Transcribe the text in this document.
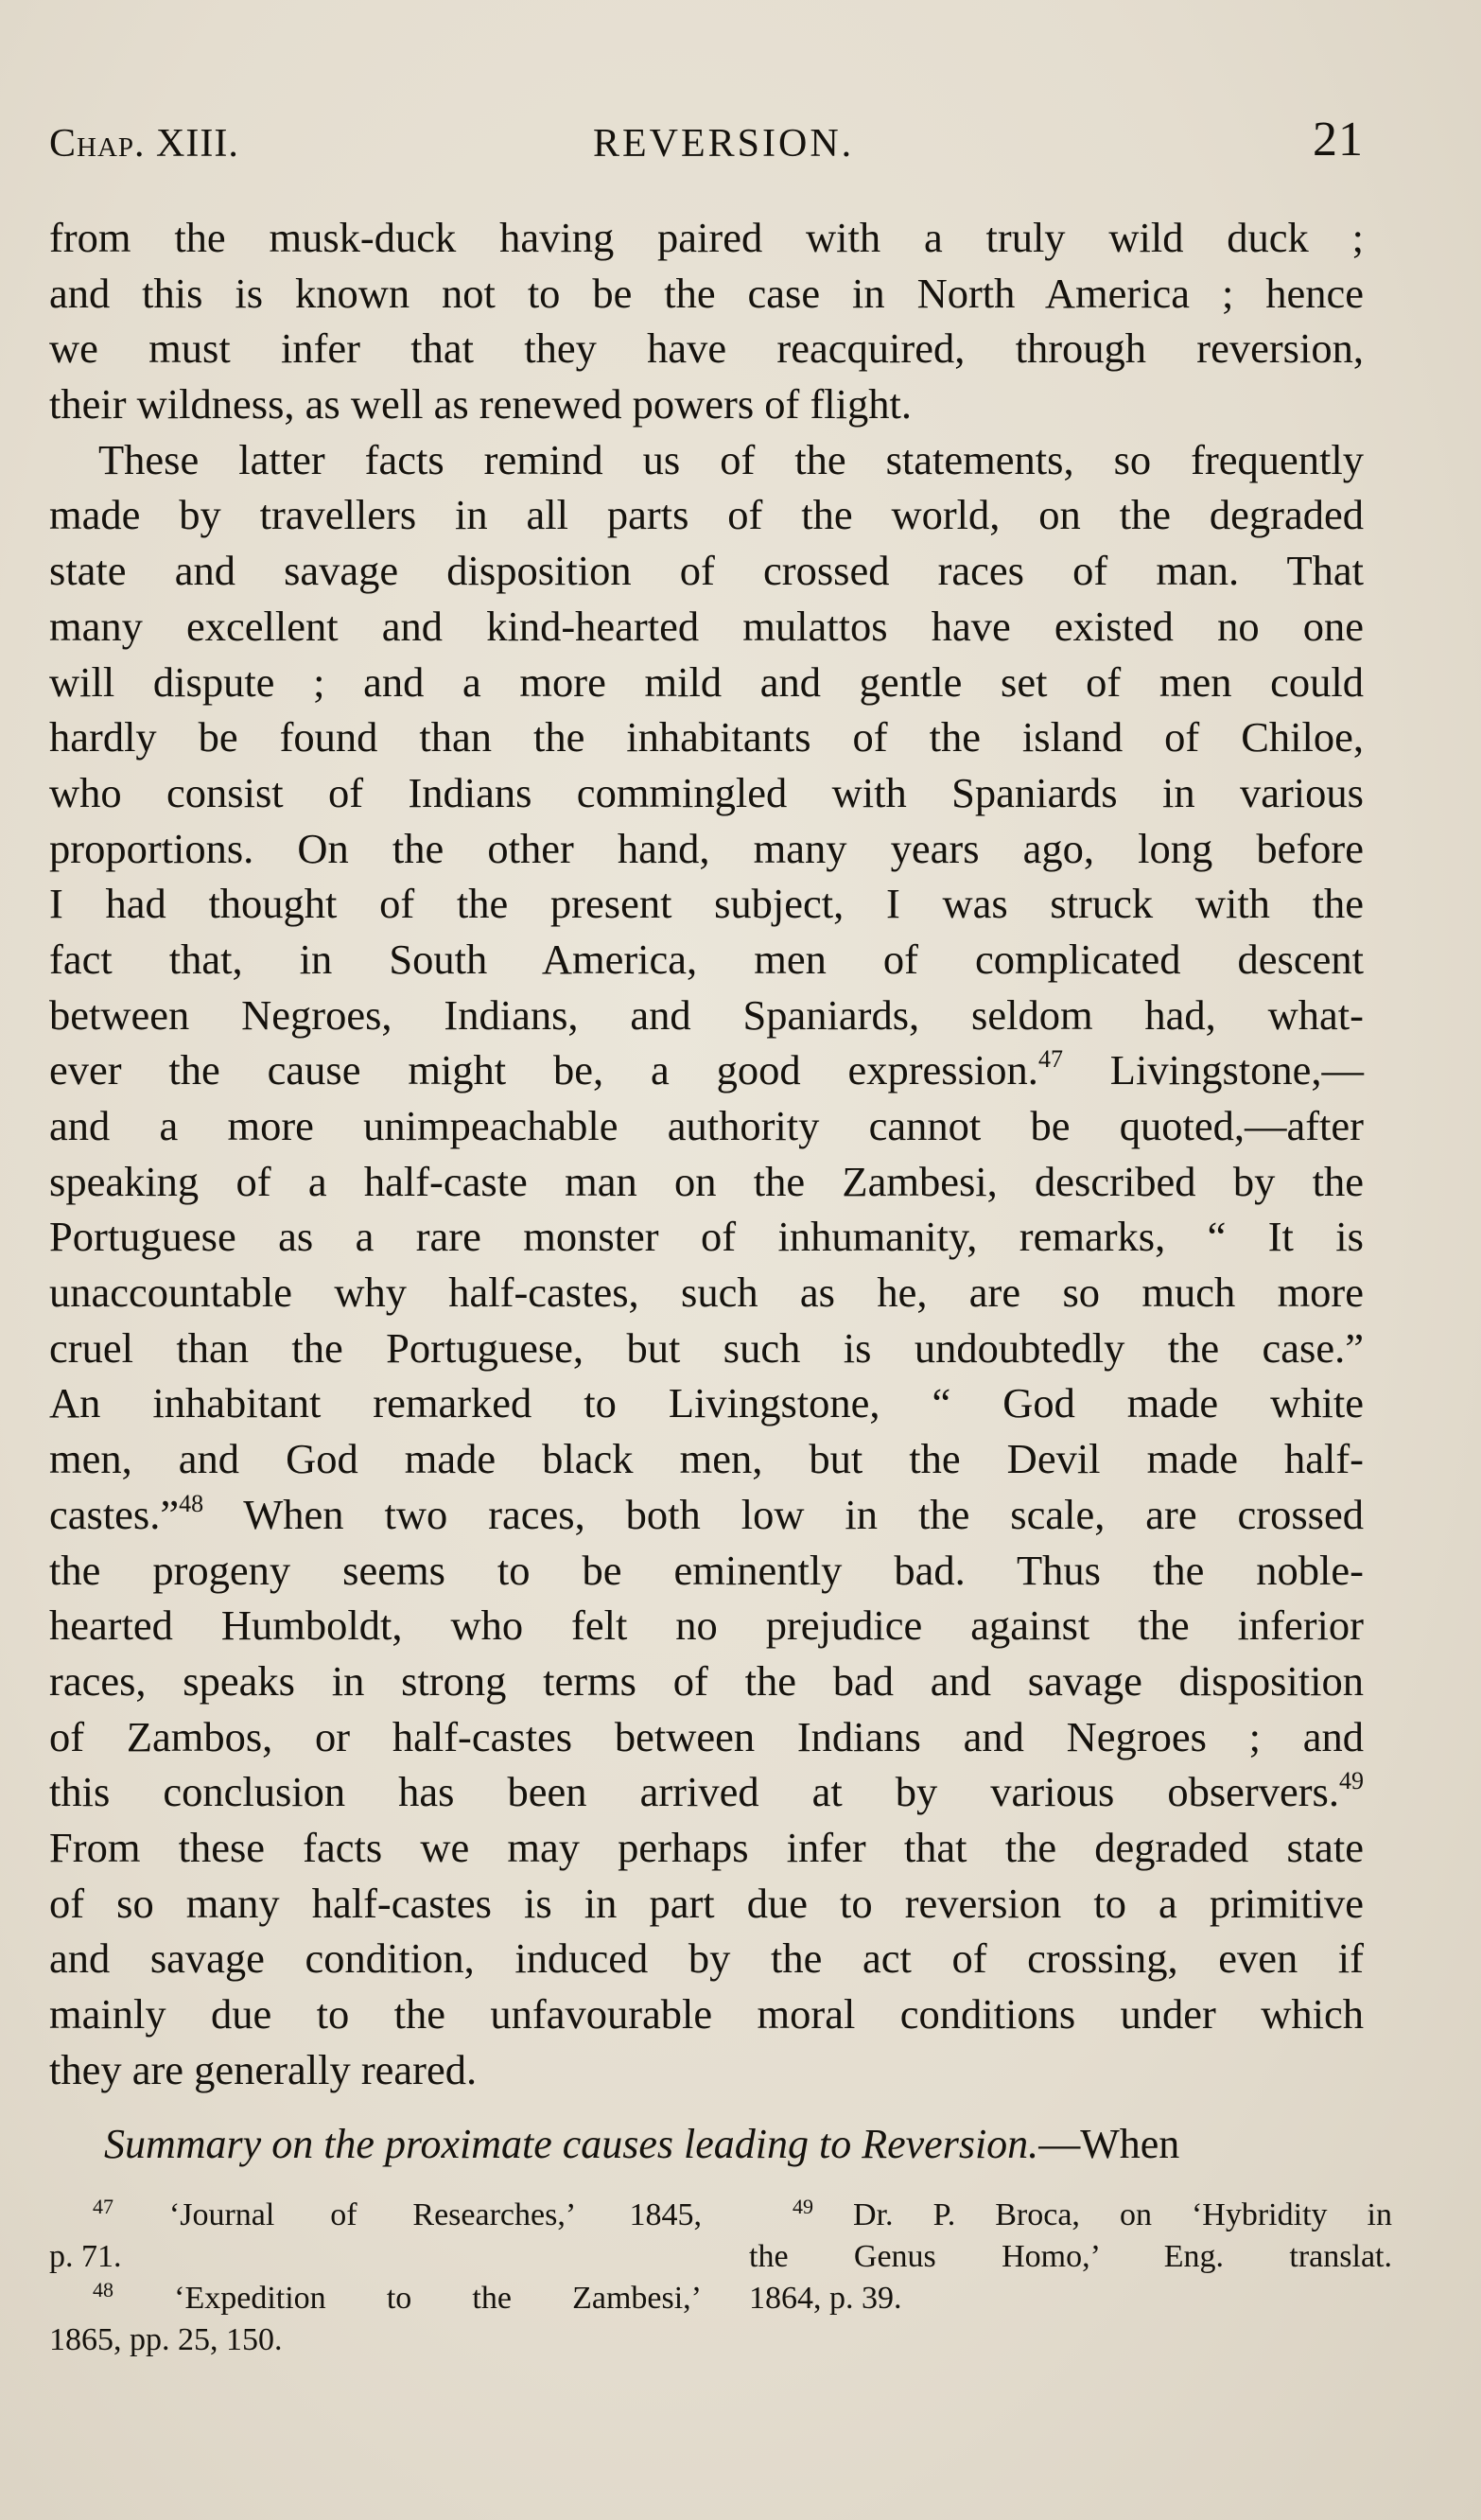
Chap. XIII.	REVERSION.	21
from the musk-duck having paired with a truly wild duck ;
and this is known not to be the case in North America ; hence
we must infer that they have reacquired, through reversion,
their wildness, as well as renewed powers of flight.
These latter facts remind us of the statements, so frequently
made by travellers in all parts of the world, on the degraded
state and savage disposition of crossed races of man. That
many excellent and kind-hearted mulattos have existed no one
will dispute ; and a more mild and gentle set of men could
hardly be found than the inhabitants of the island of Chiloe,
who consist of Indians commingled with Spaniards in various
proportions. On the other hand, many years ago, long before
I had thought of the present subject, I was struck with the
fact that, in South America, men of complicated descent
between Negroes, Indians, and Spaniards, seldom had, what-
ever the cause might be, a good expression.$^{47}$ Livingstone,—
and a more unimpeachable authority cannot be quoted,—after
speaking of a half-caste man on the Zambesi, described by the
Portuguese as a rare monster of inhumanity, remarks, “ It is
unaccountable why half-castes, such as he, are so much more
cruel than the Portuguese, but such is undoubtedly the case.”
An inhabitant remarked to Livingstone, “ God made white
men, and God made black men, but the Devil made half-
castes.”$^{48}$ When two races, both low in the scale, are crossed
the progeny seems to be eminently bad. Thus the noble-
hearted Humboldt, who felt no prejudice against the inferior
races, speaks in strong terms of the bad and savage disposition
of Zambos, or half-castes between Indians and Negroes ; and
this conclusion has been arrived at by various observers.$^{49}$
From these facts we may perhaps infer that the degraded state
of so many half-castes is in part due to reversion to a primitive
and savage condition, induced by the act of crossing, even if
mainly due to the unfavourable moral conditions under which
they are generally reared.
Summary on the proximate causes leading to Reversion.—When
$^{47}$ ‘Journal of Researches,’ 1845,
p. 71.
$^{48}$ ‘Expedition to the Zambesi,’
1865, pp. 25, 150.
$^{49}$ Dr. P. Broca, on ‘Hybridity in
the Genus Homo,’ Eng. translat.
1864, p. 39.
